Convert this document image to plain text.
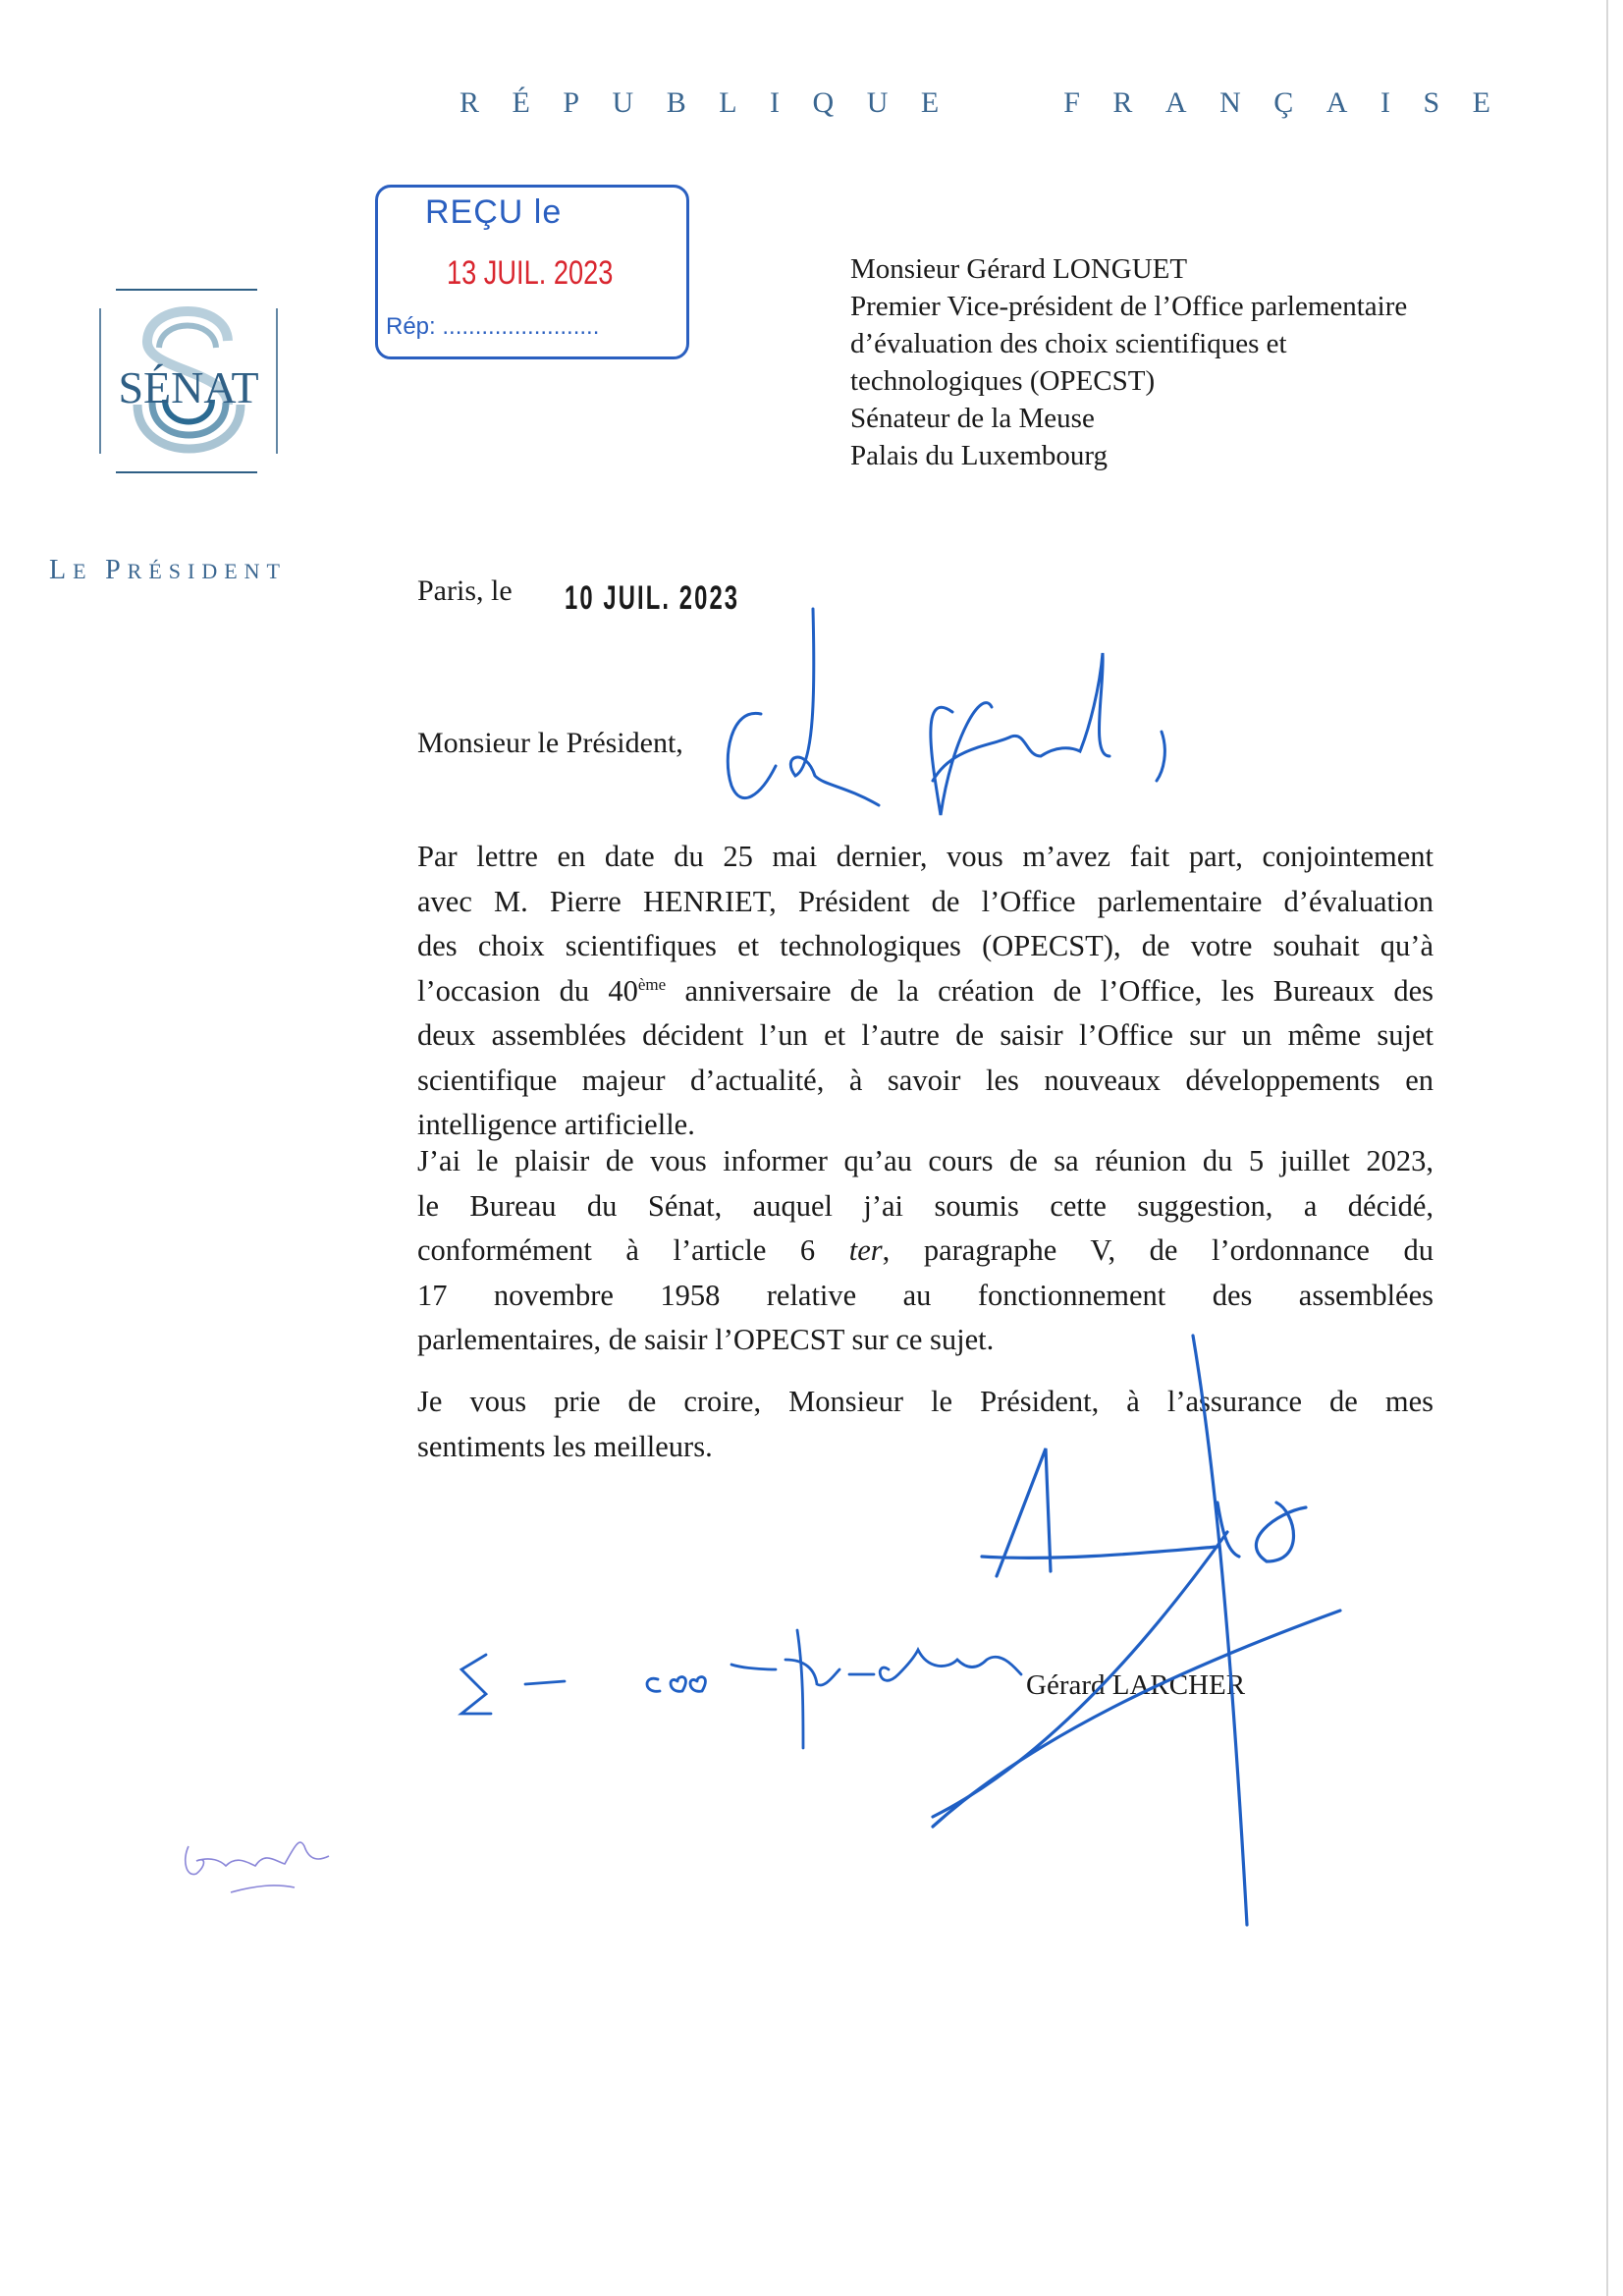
R É P U B L I Q U E	F R A N Ç A I S E
REÇU le
13 JUIL. 2023
Rép: ........................
SÉNAT
Monsieur Gérard LONGUET
Premier Vice-président de l’Office parlementaire
d’évaluation des choix scientifiques et
technologiques (OPECST)
Sénateur de la Meuse
Palais du Luxembourg
LE PRÉSIDENT
Paris, le 10 JUIL. 2023
Monsieur le Président,
Par lettre en date du 25 mai dernier, vous m’avez fait part, conjointement
avec M. Pierre HENRIET, Président de l’Office parlementaire d’évaluation
des choix scientifiques et technologiques (OPECST), de votre souhait qu’à
l’occasion du 40ème anniversaire de la création de l’Office, les Bureaux des
deux assemblées décident l’un et l’autre de saisir l’Office sur un même sujet
scientifique majeur d’actualité, à savoir les nouveaux développements en
intelligence artificielle.
J’ai le plaisir de vous informer qu’au cours de sa réunion du 5 juillet 2023,
le Bureau du Sénat, auquel j’ai soumis cette suggestion, a décidé,
conformément à l’article 6 ter, paragraphe V, de l’ordonnance du
17 novembre 1958 relative au fonctionnement des assemblées
parlementaires, de saisir l’OPECST sur ce sujet.
Je vous prie de croire, Monsieur le Président, à l’assurance de mes
sentiments les meilleurs.
Gérard LARCHER
